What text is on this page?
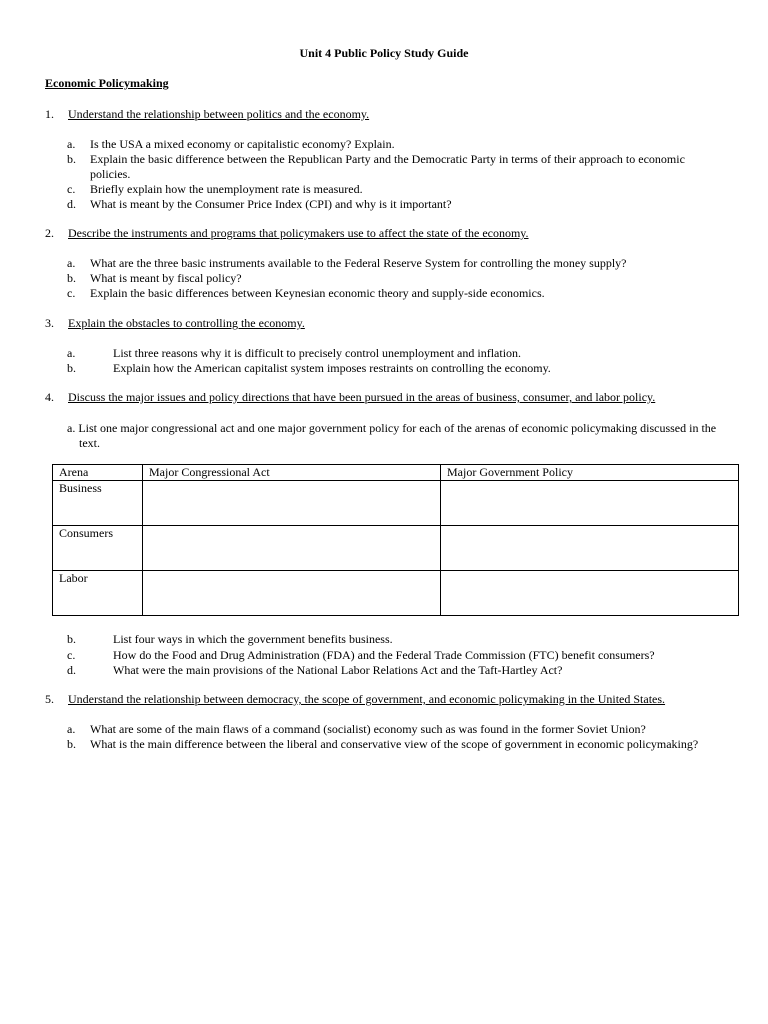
Unit 4 Public Policy Study Guide
Economic Policymaking
1. Understand the relationship between politics and the economy.
a. Is the USA a mixed economy or capitalistic economy? Explain.
b. Explain the basic difference between the Republican Party and the Democratic Party in terms of their approach to economic policies.
c. Briefly explain how the unemployment rate is measured.
d. What is meant by the Consumer Price Index (CPI) and why is it important?
2. Describe the instruments and programs that policymakers use to affect the state of the economy.
a. What are the three basic instruments available to the Federal Reserve System for controlling the money supply?
b. What is meant by fiscal policy?
c. Explain the basic differences between Keynesian economic theory and supply-side economics.
3. Explain the obstacles to controlling the economy.
a.	List three reasons why it is difficult to precisely control unemployment and inflation.
b.	Explain how the American capitalist system imposes restraints on controlling the economy.
4. Discuss the major issues and policy directions that have been pursued in the areas of business, consumer, and labor policy.
a. List one major congressional act and one major government policy for each of the arenas of economic policymaking discussed in the text.
Arena	Major Congressional Act	Major Government Policy
Business		
Consumers		
Labor		
b.	List four ways in which the government benefits business.
c.	How do the Food and Drug Administration (FDA) and the Federal Trade Commission (FTC) benefit consumers?
d.	What were the main provisions of the National Labor Relations Act and the Taft-Hartley Act?
5. Understand the relationship between democracy, the scope of government, and economic policymaking in the United States.
a. What are some of the main flaws of a command (socialist) economy such as was found in the former Soviet Union?
b. What is the main difference between the liberal and conservative view of the scope of government in economic policymaking?
